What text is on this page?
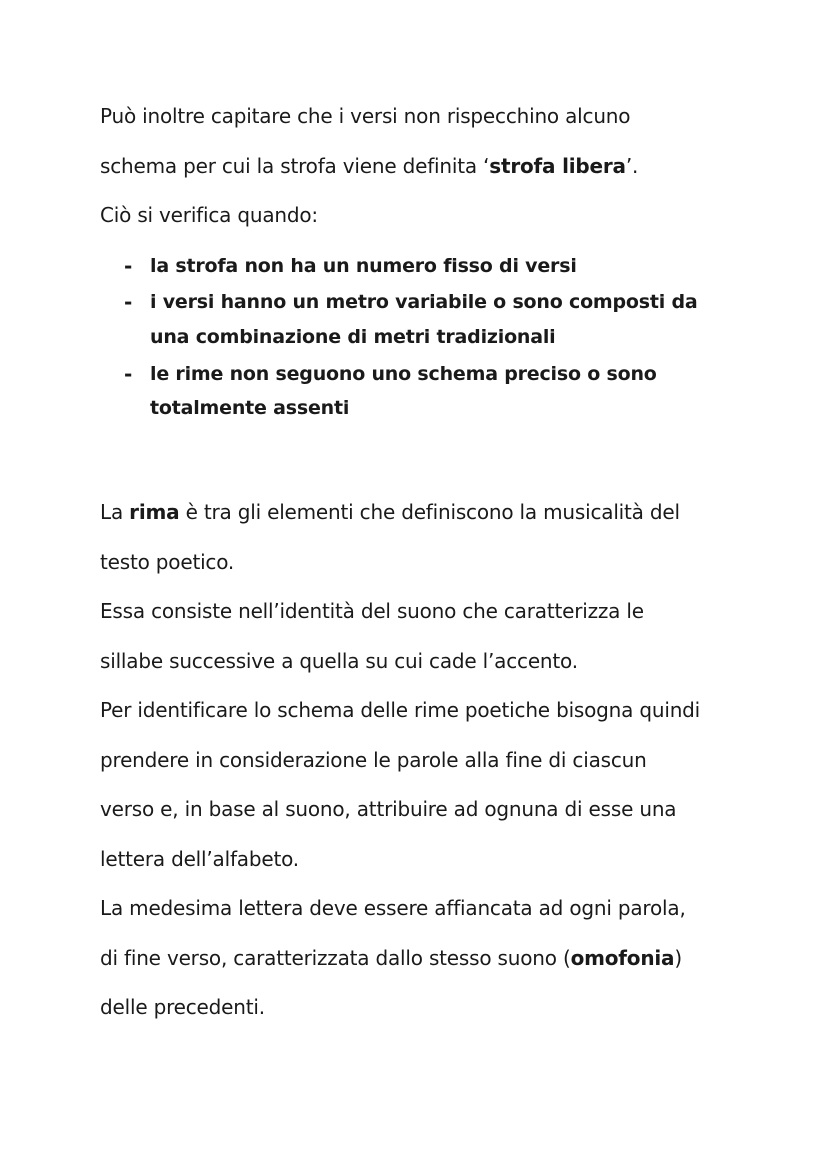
Può inoltre capitare che i versi non rispecchino alcuno
schema per cui la strofa viene definita ‘strofa libera’.
Ciò si verifica quando:
- la strofa non ha un numero fisso di versi
- i versi hanno un metro variabile o sono composti da
una combinazione di metri tradizionali
- le rime non seguono uno schema preciso o sono
totalmente assenti
La rima è tra gli elementi che definiscono la musicalità del
testo poetico.
Essa consiste nell’identità del suono che caratterizza le
sillabe successive a quella su cui cade l’accento.
Per identificare lo schema delle rime poetiche bisogna quindi
prendere in considerazione le parole alla fine di ciascun
verso e, in base al suono, attribuire ad ognuna di esse una
lettera dell’alfabeto.
La medesima lettera deve essere affiancata ad ogni parola,
di fine verso, caratterizzata dallo stesso suono (omofonia)
delle precedenti.
